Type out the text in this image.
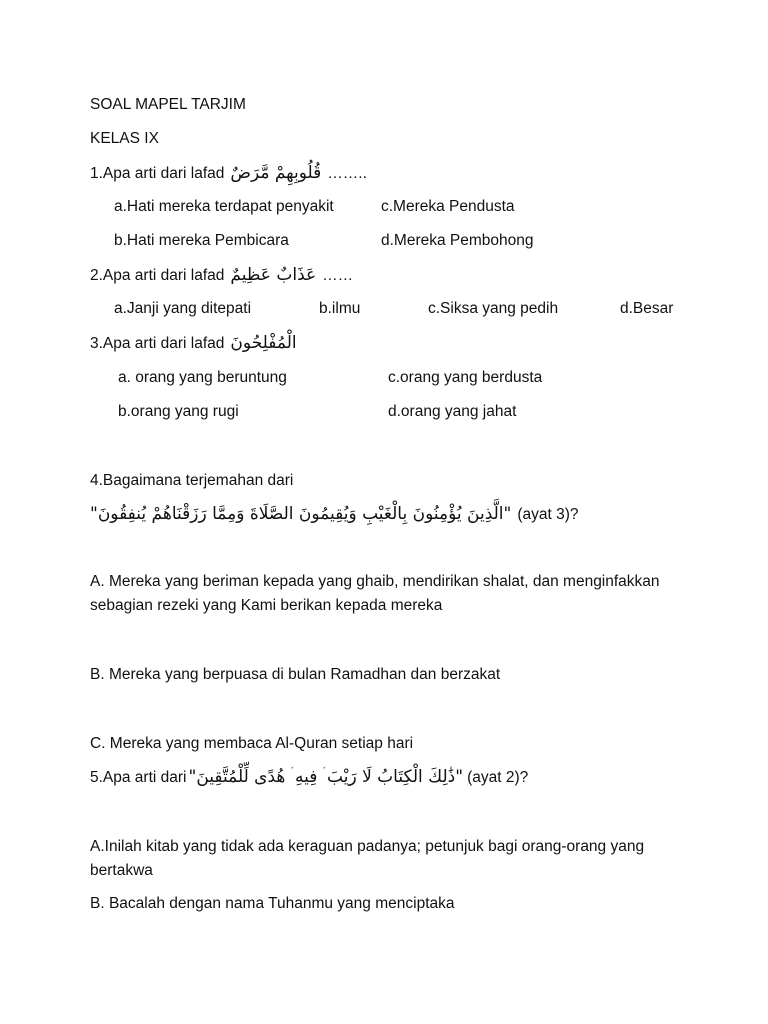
SOAL MAPEL TARJIM
KELAS IX
1.Apa arti dari lafad قُلُوبِهِمْ مَّرَضٌ ……..
a.Hati mereka terdapat penyakit	c.Mereka Pendusta
b.Hati mereka Pembicara	d.Mereka Pembohong
2.Apa arti dari lafad عَذَابٌ عَظِيمٌ ……
a.Janji yang ditepati	b.ilmu	c.Siksa yang pedih	d.Besar
3.Apa arti dari lafad الْمُفْلِحُونَ
a. orang yang beruntung	c.orang yang berdusta
b.orang yang rugi	d.orang yang jahat
4.Bagaimana terjemahan dari
"الَّذِينَ يُؤْمِنُونَ بِالْغَيْبِ وَيُقِيمُونَ الصَّلَاةَ وَمِمَّا رَزَقْنَاهُمْ يُنفِقُونَ" (ayat 3)?
A. Mereka yang beriman kepada yang ghaib, mendirikan shalat, dan menginfakkan sebagian rezeki yang Kami berikan kepada mereka
B. Mereka yang berpuasa di bulan Ramadhan dan berzakat
C. Mereka yang membaca Al-Quran setiap hari
5.Apa arti dari "ذَٰلِكَ الْكِتَابُ لَا رَيْبَ ۛ فِيهِ ۛ هُدًى لِّلْمُتَّقِينَ" (ayat 2)?
A.Inilah kitab yang tidak ada keraguan padanya; petunjuk bagi orang-orang yang bertakwa
B. Bacalah dengan nama Tuhanmu yang menciptaka
